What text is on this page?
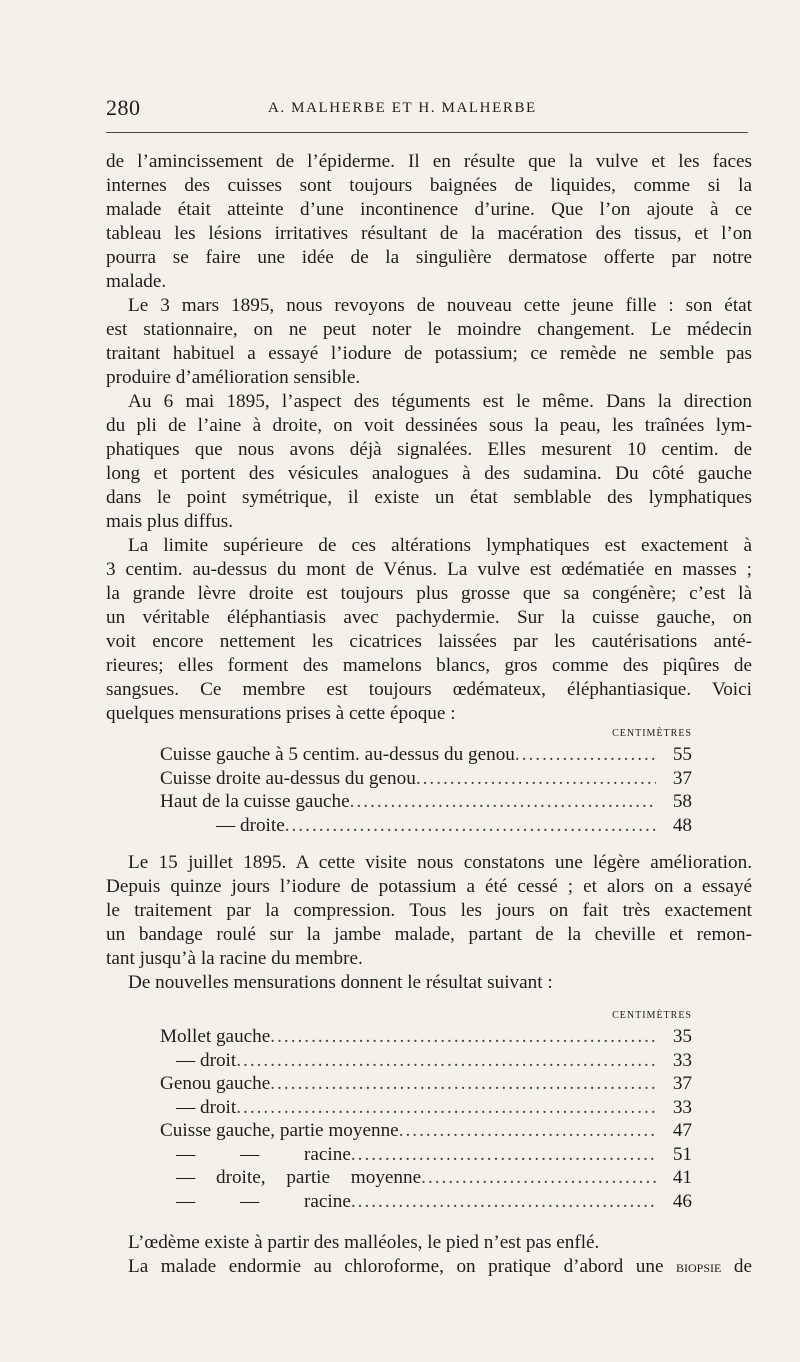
280	A. MALHERBE ET H. MALHERBE
de l’amincissement de l’épiderme. Il en résulte que la vulve et les faces
internes des cuisses sont toujours baignées de liquides, comme si la
malade était atteinte d’une incontinence d’urine. Que l’on ajoute à ce
tableau les lésions irritatives résultant de la macération des tissus, et l’on
pourra se faire une idée de la singulière dermatose offerte par notre
malade.
Le 3 mars 1895, nous revoyons de nouveau cette jeune fille : son état
est stationnaire, on ne peut noter le moindre changement. Le médecin
traitant habituel a essayé l’iodure de potassium; ce remède ne semble pas
produire d’amélioration sensible.
Au 6 mai 1895, l’aspect des téguments est le même. Dans la direction
du pli de l’aine à droite, on voit dessinées sous la peau, les traînées lym-
phatiques que nous avons déjà signalées. Elles mesurent 10 centim. de
long et portent des vésicules analogues à des sudamina. Du côté gauche
dans le point symétrique, il existe un état semblable des lymphatiques
mais plus diffus.
La limite supérieure de ces altérations lymphatiques est exactement à
3 centim. au-dessus du mont de Vénus. La vulve est œdématiée en masses ;
la grande lèvre droite est toujours plus grosse que sa congénère; c’est là
un véritable éléphantiasis avec pachydermie. Sur la cuisse gauche, on
voit encore nettement les cicatrices laissées par les cautérisations anté-
rieures; elles forment des mamelons blancs, gros comme des piqûres de
sangsues. Ce membre est toujours œdémateux, éléphantiasique. Voici
quelques mensurations prises à cette époque :
CENTIMÈTRES
Cuisse gauche à 5 centim. au-dessus du genou .....	55
Cuisse droite au-dessus du genou .....	37
Haut de la cuisse gauche .....	58
— droite .....	48
Le 15 juillet 1895. A cette visite nous constatons une légère amélioration.
Depuis quinze jours l’iodure de potassium a été cessé ; et alors on a essayé
le traitement par la compression. Tous les jours on fait très exactement
un bandage roulé sur la jambe malade, partant de la cheville et remon-
tant jusqu’à la racine du membre.
De nouvelles mensurations donnent le résultat suivant :
CENTIMÈTRES
Mollet gauche .....	35
— droit .....	33
Genou gauche .....	37
— droit .....	33
Cuisse gauche, partie moyenne .....	47
— — racine .....	51
— droite, partie moyenne .....	41
— — racine .....	46
L’œdème existe à partir des malléoles, le pied n’est pas enflé.
La malade endormie au chloroforme, on pratique d’abord une biopsie de
